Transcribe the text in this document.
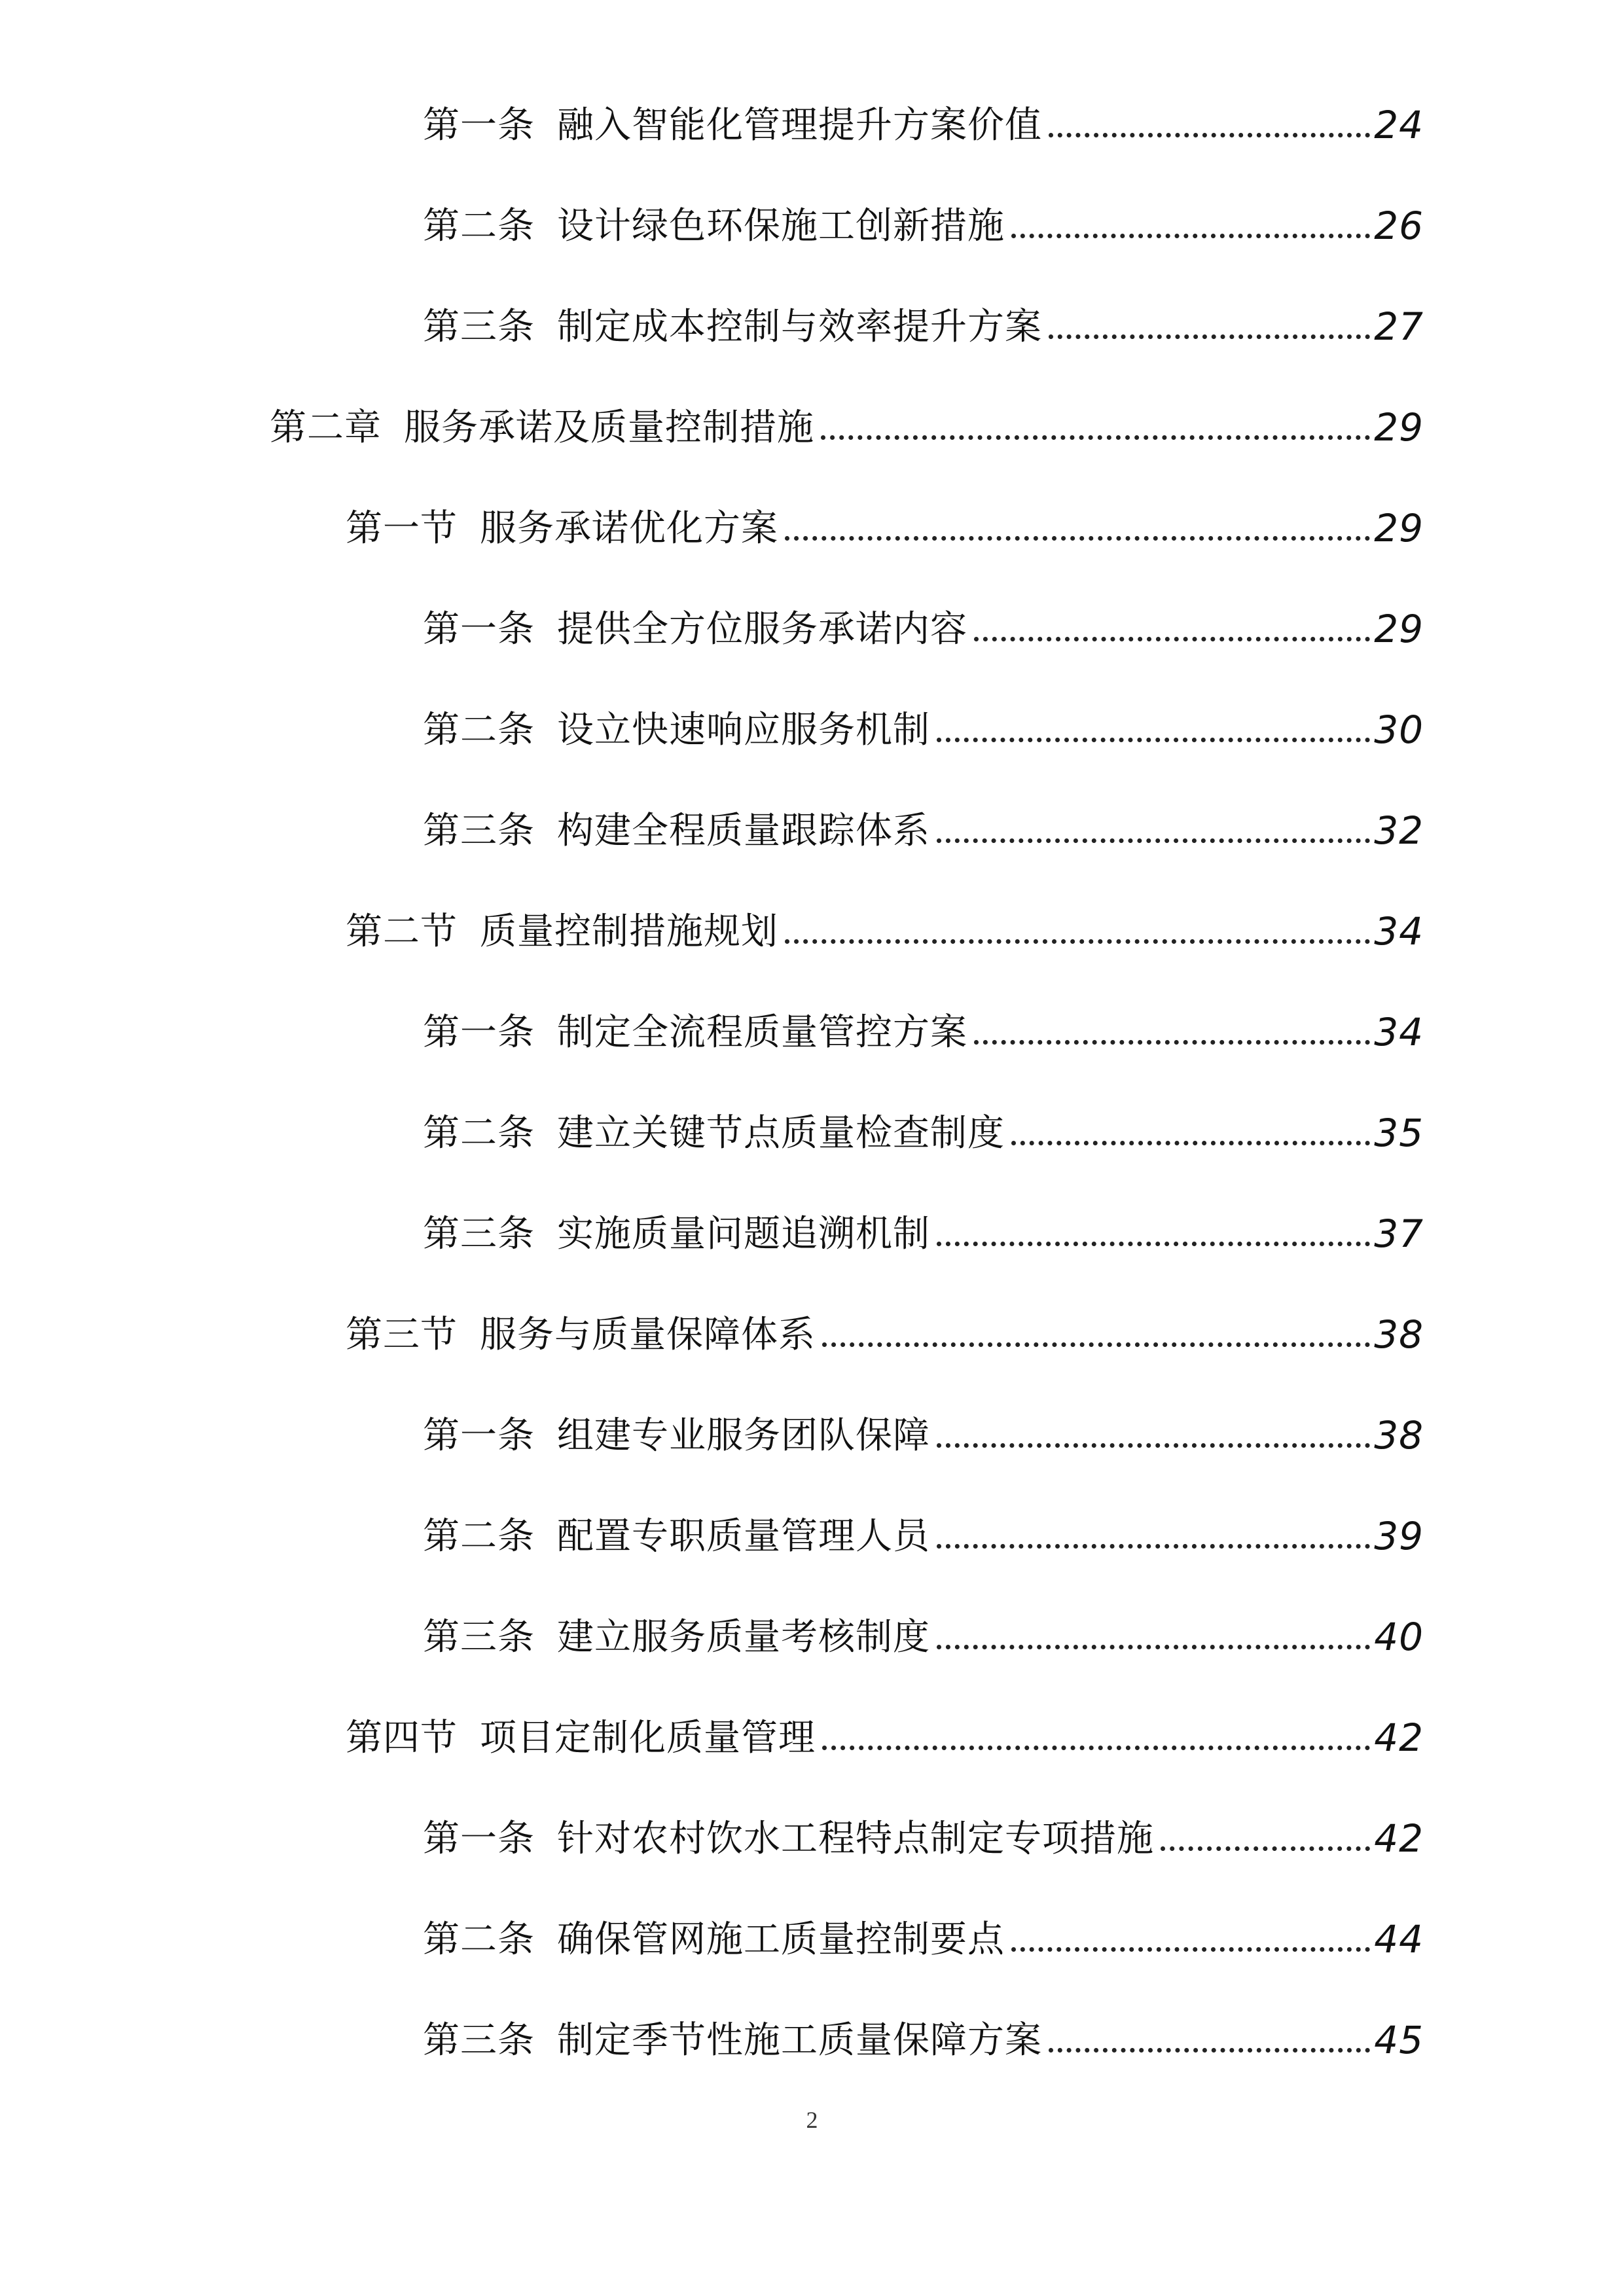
第一条 融入智能化管理提升方案价值	24
第二条 设计绿色环保施工创新措施	26
第三条 制定成本控制与效率提升方案	27
第二章 服务承诺及质量控制措施	29
第一节 服务承诺优化方案	29
第一条 提供全方位服务承诺内容	29
第二条 设立快速响应服务机制	30
第三条 构建全程质量跟踪体系	32
第二节 质量控制措施规划	34
第一条 制定全流程质量管控方案	34
第二条 建立关键节点质量检查制度	35
第三条 实施质量问题追溯机制	37
第三节 服务与质量保障体系	38
第一条 组建专业服务团队保障	38
第二条 配置专职质量管理人员	39
第三条 建立服务质量考核制度	40
第四节 项目定制化质量管理	42
第一条 针对农村饮水工程特点制定专项措施	42
第二条 确保管网施工质量控制要点	44
第三条 制定季节性施工质量保障方案	45
2
